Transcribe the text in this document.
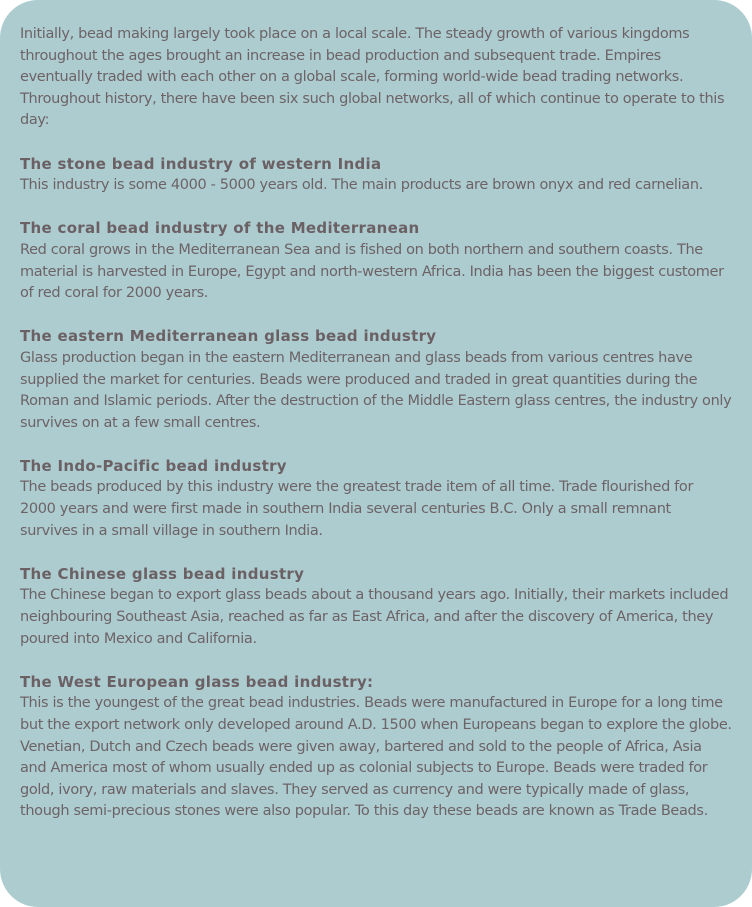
Initially, bead making largely took place on a local scale. The steady growth of various kingdoms throughout the ages brought an increase in bead production and subsequent trade. Empires eventually traded with each other on a global scale, forming world-wide bead trading networks. Throughout history, there have been six such global networks, all of which continue to operate to this day:

The stone bead industry of western India

This industry is some 4000 - 5000 years old. The main products are brown onyx and red carnelian.

The coral bead industry of the Mediterranean

Red coral grows in the Mediterranean Sea and is fished on both northern and southern coasts. The material is harvested in Europe, Egypt and north-western Africa. India has been the biggest customer of red coral for 2000 years.

The eastern Mediterranean glass bead industry

Glass production began in the eastern Mediterranean and glass beads from various centres have supplied the market for centuries. Beads were produced and traded in great quantities during the Roman and Islamic periods. After the destruction of the Middle Eastern glass centres, the industry only survives on at a few small centres.

The Indo-Pacific bead industry

The beads produced by this industry were the greatest trade item of all time. Trade flourished for 2000 years and were first made in southern India several centuries B.C. Only a small remnant survives in a small village in southern India.

The Chinese glass bead industry

The Chinese began to export glass beads about a thousand years ago. Initially, their markets included neighbouring Southeast Asia, reached as far as East Africa, and after the discovery of America, they poured into Mexico and California.

The West European glass bead industry:

This is the youngest of the great bead industries. Beads were manufactured in Europe for a long time but the export network only developed around A.D. 1500 when Europeans began to explore the globe. Venetian, Dutch and Czech beads were given away, bartered and sold to the people of Africa, Asia and America most of whom usually ended up as colonial subjects to Europe. Beads were traded for gold, ivory, raw materials and slaves. They served as currency and were typically made of glass, though semi-precious stones were also popular. To this day these beads are known as Trade Beads.
